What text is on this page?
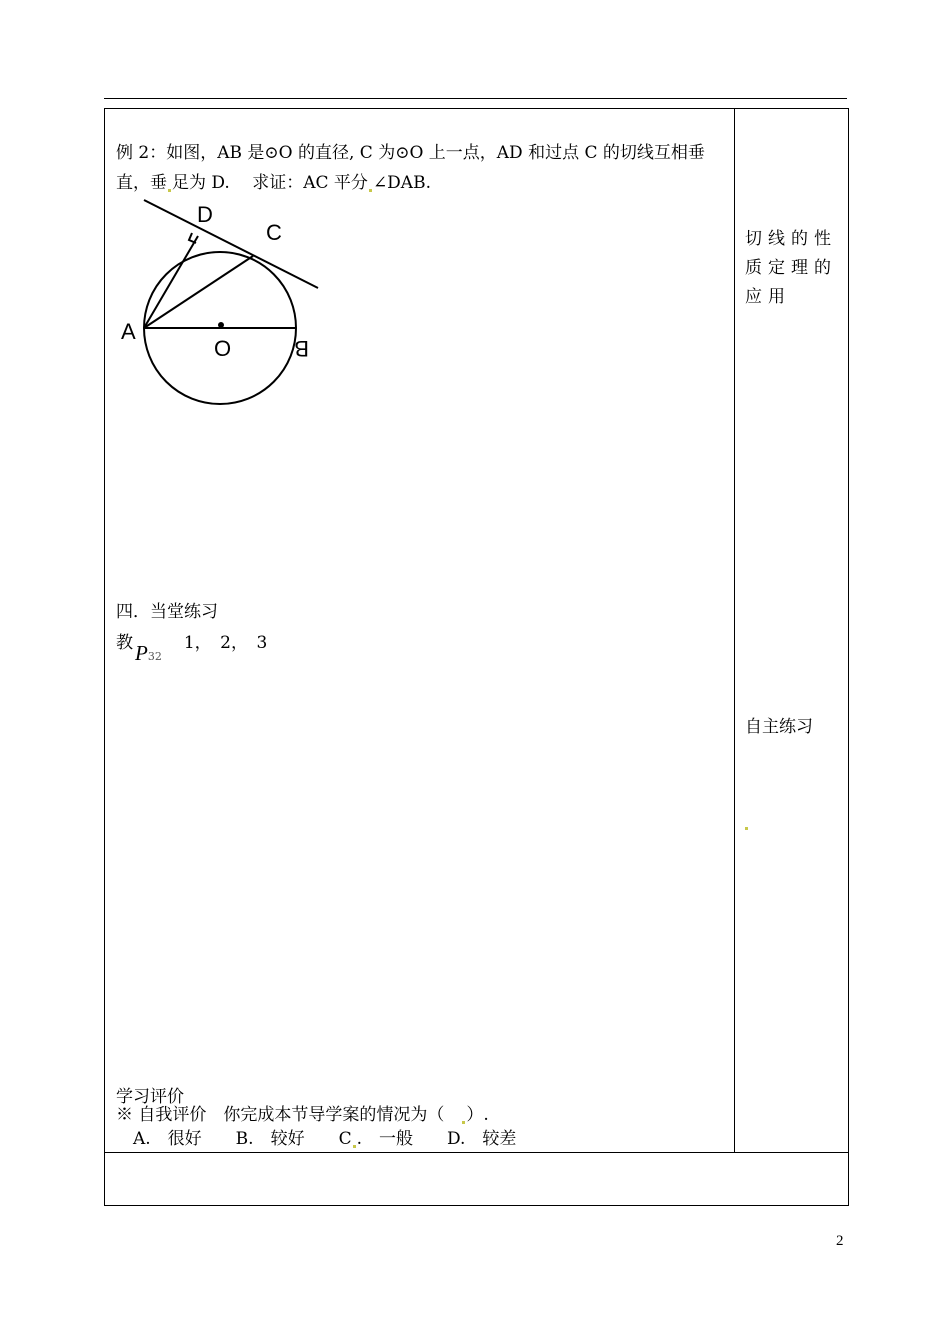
例 2：如图，AB 是⊙O 的直径, C 为⊙O 上一点，AD 和过点 C 的切线互相垂
直，垂 足为 D.　 求证：AC 平分 ∠DAB.
D
C
A
O	B
四．当堂练习
教P321，　2，　3
学习评价
※ 自我评价　你完成本节导学案的情况为（　）.
A.　很好　　B.　较好　　C .　一般　　D.　较差
切线的性质定理的应用
自主练习
2
